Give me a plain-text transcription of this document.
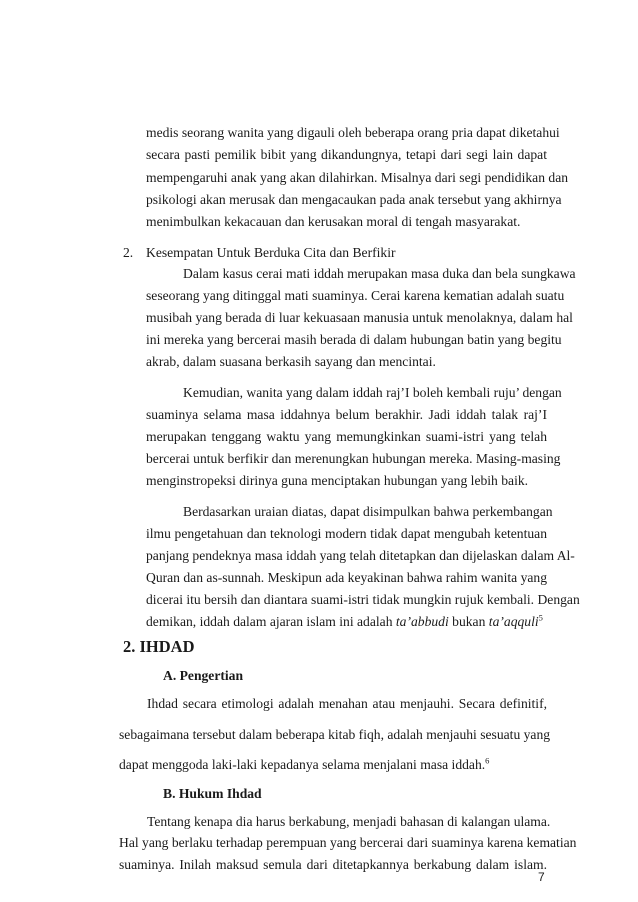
medis seorang wanita yang digauli oleh beberapa orang pria dapat diketahui
secara pasti pemilik bibit yang dikandungnya, tetapi dari segi lain dapat
mempengaruhi anak yang akan dilahirkan. Misalnya dari segi pendidikan dan
psikologi akan merusak dan mengacaukan pada anak tersebut yang akhirnya
menimbulkan kekacauan dan kerusakan moral di tengah masyarakat.
2. Kesempatan Untuk Berduka Cita dan Berfikir
Dalam kasus cerai mati iddah merupakan masa duka dan bela sungkawa
seseorang yang ditinggal mati suaminya. Cerai karena kematian adalah suatu
musibah yang berada di luar kekuasaan manusia untuk menolaknya, dalam hal
ini mereka yang bercerai masih berada di dalam hubungan batin yang begitu
akrab, dalam suasana berkasih sayang dan mencintai.
Kemudian, wanita yang dalam iddah raj’I boleh kembali ruju’ dengan
suaminya selama masa iddahnya belum berakhir. Jadi iddah talak raj’I
merupakan tenggang waktu yang memungkinkan suami-istri yang telah
bercerai untuk berfikir dan merenungkan hubungan mereka. Masing-masing
menginstropeksi dirinya guna menciptakan hubungan yang lebih baik.
Berdasarkan uraian diatas, dapat disimpulkan bahwa perkembangan
ilmu pengetahuan dan teknologi modern tidak dapat mengubah ketentuan
panjang pendeknya masa iddah yang telah ditetapkan dan dijelaskan dalam Al-
Quran dan as-sunnah. Meskipun ada keyakinan bahwa rahim wanita yang
dicerai itu bersih dan diantara suami-istri tidak mungkin rujuk kembali. Dengan
demikan, iddah dalam ajaran islam ini adalah ta’abbudi bukan ta’aqquli$^5$
2. IHDAD
A. Pengertian
Ihdad secara etimologi adalah menahan atau menjauhi. Secara definitif,
sebagaimana tersebut dalam beberapa kitab fiqh, adalah menjauhi sesuatu yang
dapat menggoda laki-laki kepadanya selama menjalani masa iddah.$^6$
B. Hukum Ihdad
Tentang kenapa dia harus berkabung, menjadi bahasan di kalangan ulama.
Hal yang berlaku terhadap perempuan yang bercerai dari suaminya karena kematian
suaminya. Inilah maksud semula dari ditetapkannya berkabung dalam islam.
7
